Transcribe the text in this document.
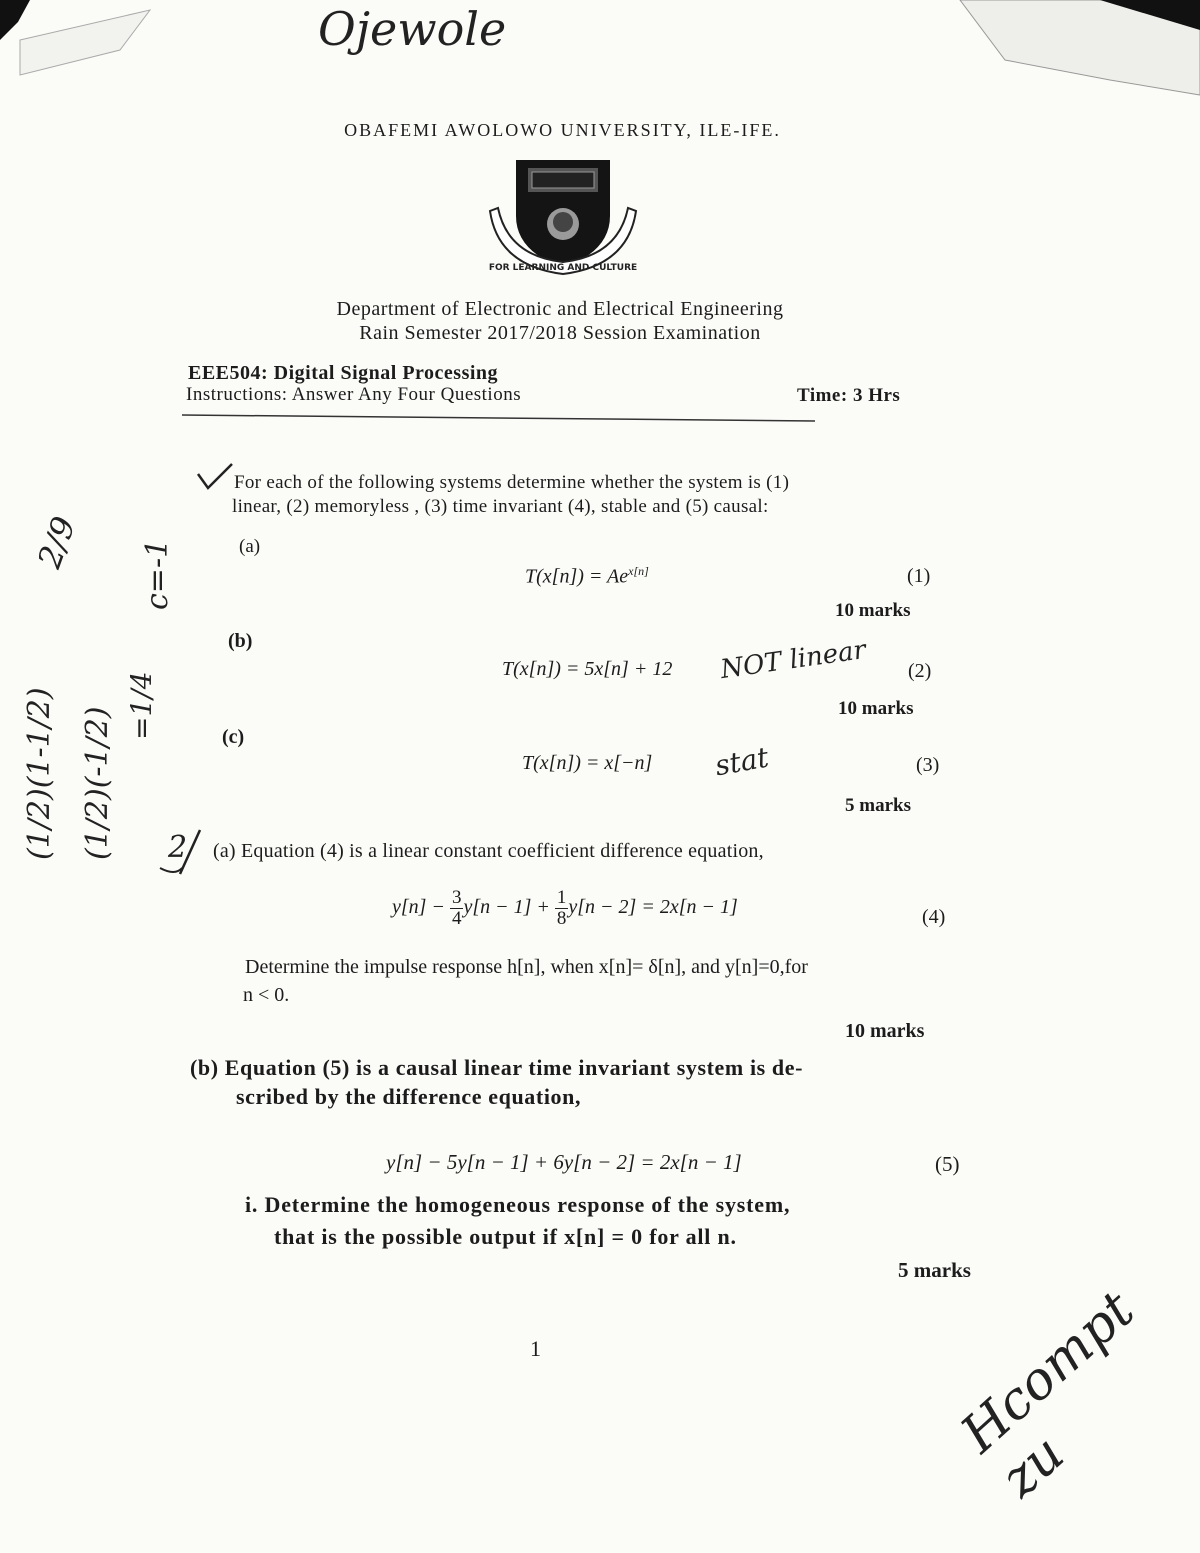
Ojewole
OBAFEMI AWOLOWO UNIVERSITY, ILE-IFE.
FOR LEARNING AND CULTURE
Department of Electronic and Electrical Engineering
Rain Semester 2017/2018 Session Examination
EEE504: Digital Signal Processing
Instructions: Answer Any Four Questions	Time: 3 Hrs
For each of the following systems determine whether the system is (1)
linear, (2) memoryless , (3) time invariant (4), stable and (5) causal:
(a)
$T(x[n]) = Ae^{x[n]}$	(1)
10 marks
(b)
T(x[n]) = 5x[n] + 12 NOT linear (2)
10 marks
(c)
T(x[n]) = x[−n] stat	(3)
5 marks
2 (a) Equation (4) is a linear constant coefficient difference equation,
$y[n] - \frac{3}{4} y[n - 1] + \frac{1}{8} y[n - 2] = 2x[n - 1]$	(4)
Determine the impulse response h[n], when x[n]= δ[n], and y[n]=0,for
n < 0.
10 marks
(b) Equation (5) is a causal linear time invariant system is de-
scribed by the difference equation,
y[n] − 5y[n − 1] + 6y[n − 2] = 2x[n − 1]	(5)
i. Determine the homogeneous response of the system,
that is the possible output if x[n] = 0 for all n.
5 marks
1	Hcompt zu
2/9 c=-1
=1/4
(1/2)(-1/2)
(1/2)(1-1/2)
